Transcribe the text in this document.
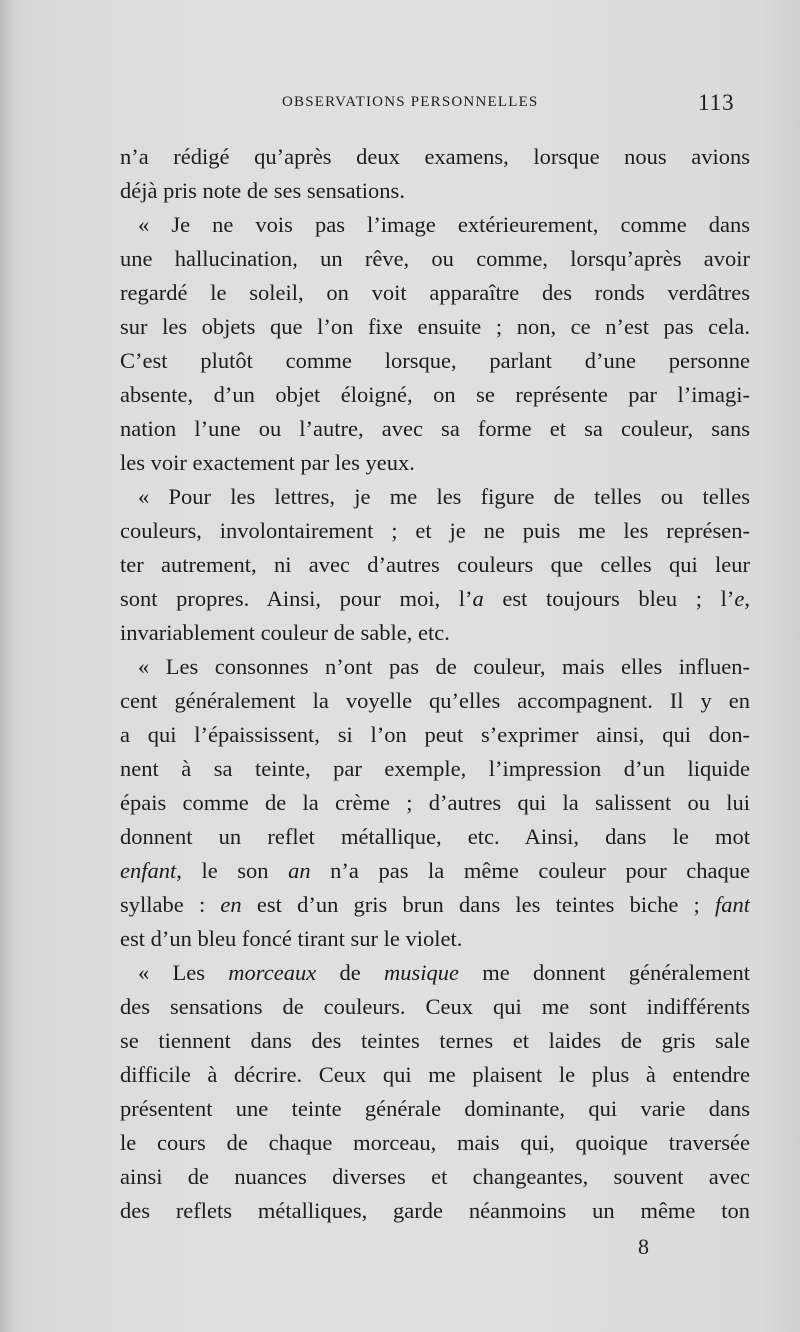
OBSERVATIONS PERSONNELLES	113
n’a rédigé qu’après deux examens, lorsque nous avions
déjà pris note de ses sensations.
« Je ne vois pas l’image extérieurement, comme dans
une hallucination, un rêve, ou comme, lorsqu’après avoir
regardé le soleil, on voit apparaître des ronds verdâtres
sur les objets que l’on fixe ensuite ; non, ce n’est pas cela.
C’est plutôt comme lorsque, parlant d’une personne
absente, d’un objet éloigné, on se représente par l’imagi-
nation l’une ou l’autre, avec sa forme et sa couleur, sans
les voir exactement par les yeux.
« Pour les lettres, je me les figure de telles ou telles
couleurs, involontairement ; et je ne puis me les représen-
ter autrement, ni avec d’autres couleurs que celles qui leur
sont propres. Ainsi, pour moi, l’a est toujours bleu ; l’e,
invariablement couleur de sable, etc.
« Les consonnes n’ont pas de couleur, mais elles influen-
cent généralement la voyelle qu’elles accompagnent. Il y en
a qui l’épaississent, si l’on peut s’exprimer ainsi, qui don-
nent à sa teinte, par exemple, l’impression d’un liquide
épais comme de la crème ; d’autres qui la salissent ou lui
donnent un reflet métallique, etc. Ainsi, dans le mot
enfant, le son an n’a pas la même couleur pour chaque
syllabe : en est d’un gris brun dans les teintes biche ; fant
est d’un bleu foncé tirant sur le violet.
« Les morceaux de musique me donnent généralement
des sensations de couleurs. Ceux qui me sont indifférents
se tiennent dans des teintes ternes et laides de gris sale
difficile à décrire. Ceux qui me plaisent le plus à entendre
présentent une teinte générale dominante, qui varie dans
le cours de chaque morceau, mais qui, quoique traversée
ainsi de nuances diverses et changeantes, souvent avec
des reflets métalliques, garde néanmoins un même ton
8
